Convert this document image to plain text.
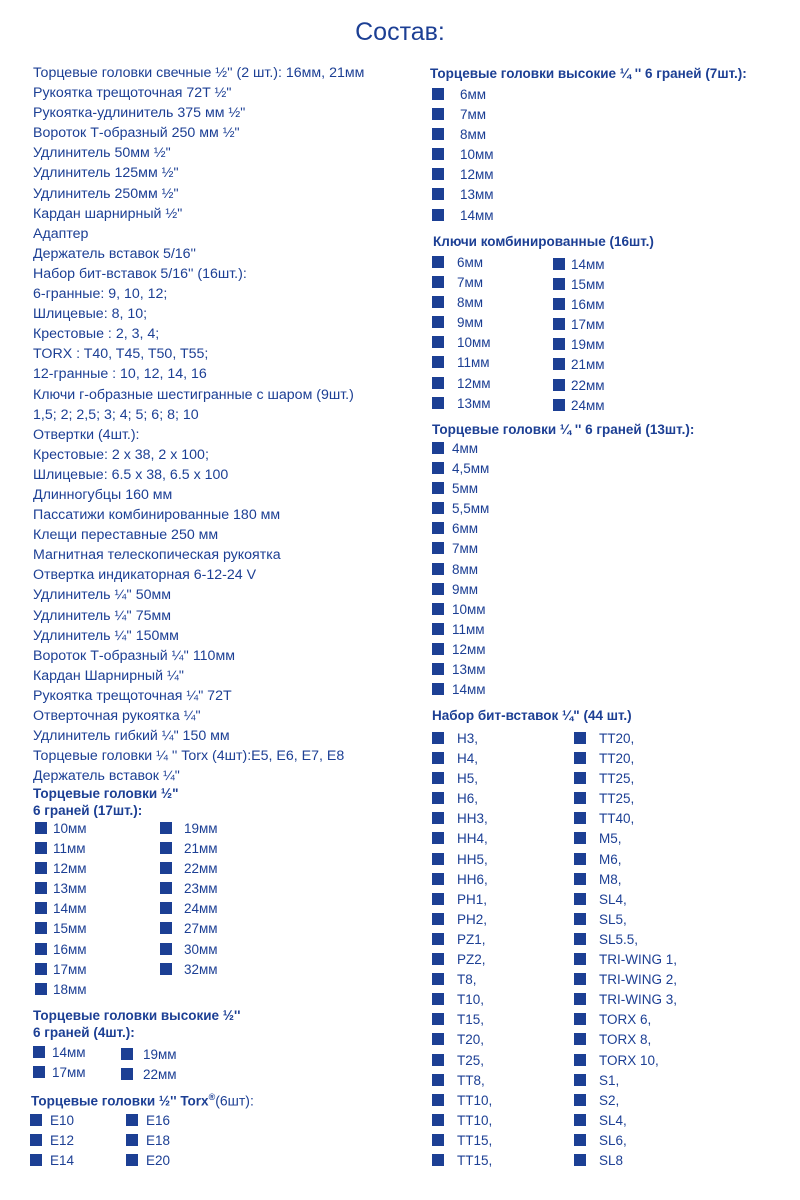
Состав:
Торцевые головки свечные ½'' (2 шт.): 16мм, 21мм
Рукоятка трещоточная 72T ½"
Рукоятка-удлинитель 375 мм ½"
Вороток Т-образный 250 мм ½"
Удлинитель 50мм ½"
Удлинитель 125мм ½"
Удлинитель 250мм ½"
Кардан шарнирный ½"
Адаптер
Держатель вставок 5/16''
Набор бит-вставок 5/16'' (16шт.):
6-гранные: 9, 10, 12;
Шлицевые: 8, 10;
Крестовые : 2, 3, 4;
TORX : T40, T45, T50, T55;
12-гранные : 10, 12, 14, 16
Ключи г-образные шестигранные с шаром (9шт.)
1,5; 2; 2,5; 3; 4; 5; 6; 8; 10
Отвертки (4шт.):
Крестовые: 2 x 38, 2 x 100;
Шлицевые: 6.5 x 38, 6.5 x 100
Длинногубцы 160 мм
Пассатижи комбинированные 180 мм
Клещи переставные 250 мм
Магнитная телескопическая рукоятка
Отвертка индикаторная 6-12-24 V
Удлинитель ¼'' 50мм
Удлинитель ¼'' 75мм
Удлинитель ¼'' 150мм
Вороток Т-образный ¼'' 110мм
Кардан Шарнирный ¼"
Рукоятка трещоточная ¼" 72T
Отверточная рукоятка ¼"
Удлинитель гибкий ¼" 150 мм
Торцевые головки ¼ '' Torx (4шт):E5, E6, E7, E8
Держатель вставок ¼"
Торцевые головки ½"
6 граней (17шт.):
10мм
11мм
12мм
13мм
14мм
15мм
16мм
17мм
18мм
19мм
21мм
22мм
23мм
24мм
27мм
30мм
32мм
Торцевые головки высокие ½''
6 граней (4шт.):
14мм
17мм
19мм
22мм
Торцевые головки ½'' Torx®(6шт):
E10
E12
E14
E16
E18
E20
Торцевые головки высокие ¼ '' 6 граней (7шт.):
6мм
7мм
8мм
10мм
12мм
13мм
14мм
Ключи комбинированные (16шт.)
6мм
7мм
8мм
9мм
10мм
11мм
12мм
13мм
14мм
15мм
16мм
17мм
19мм
21мм
22мм
24мм
Торцевые головки ¼ '' 6 граней (13шт.):
4мм
4,5мм
5мм
5,5мм
6мм
7мм
8мм
9мм
10мм
11мм
12мм
13мм
14мм
Набор бит-вставок ¼" (44 шт.)
H3,
H4,
H5,
H6,
HH3,
HH4,
HH5,
HH6,
PH1,
PH2,
PZ1,
PZ2,
T8,
T10,
T15,
T20,
T25,
TT8,
TT10,
TT10,
TT15,
TT15,
TT20,
TT20,
TT25,
TT25,
TT40,
M5,
M6,
M8,
SL4,
SL5,
SL5.5,
TRI-WING 1,
TRI-WING 2,
TRI-WING 3,
TORX 6,
TORX 8,
TORX 10,
S1,
S2,
SL4,
SL6,
SL8
